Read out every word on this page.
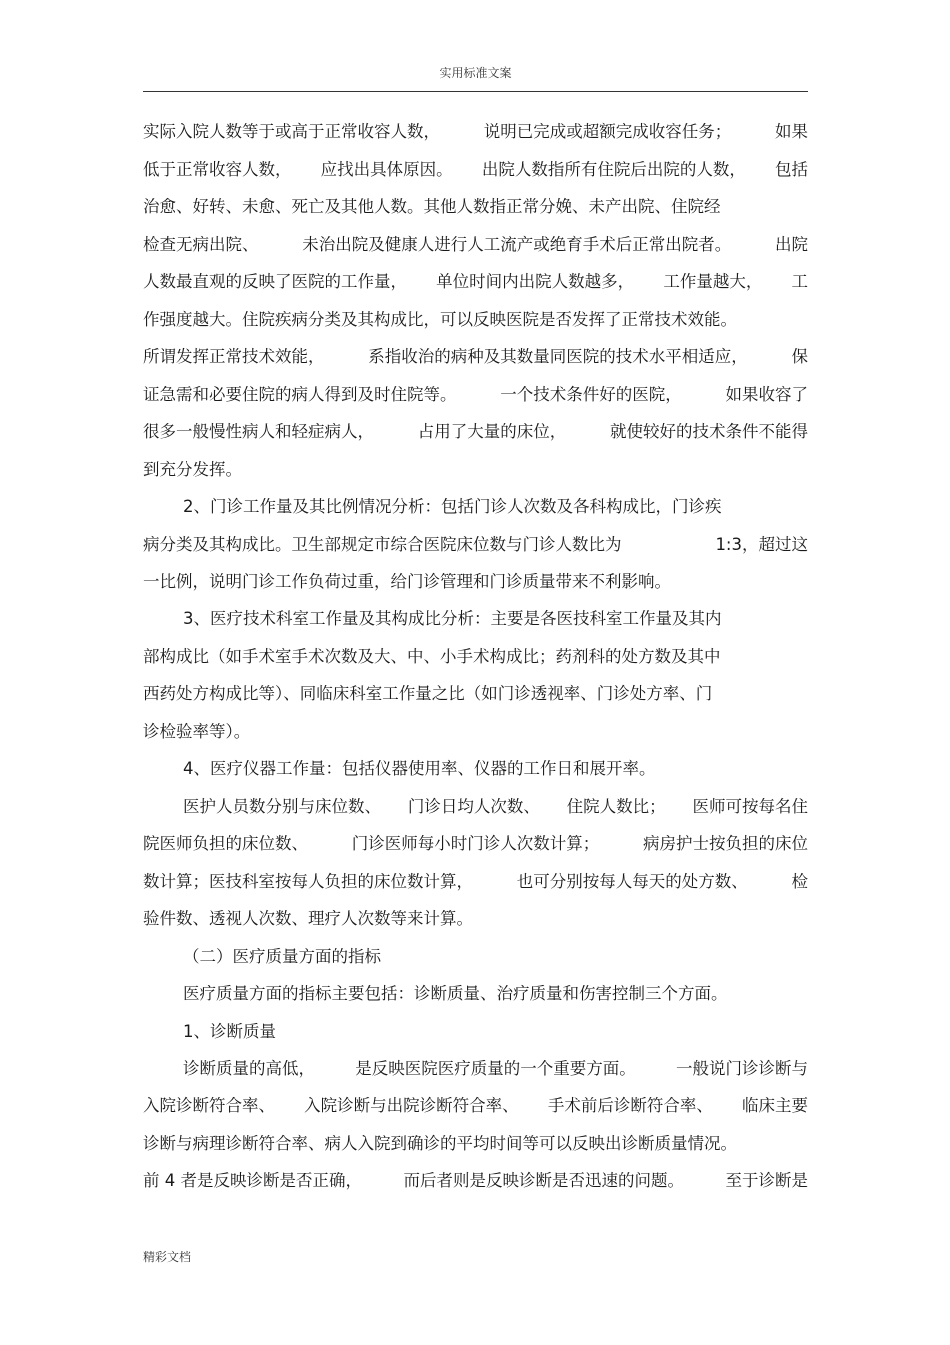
实用标准文案
实际入院人数等于或高于正常收容人数，	说明已完成或超额完成收容任务；	如果
低于正常收容人数， 应找出具体原因。 出院人数指所有住院后出院的人数， 包括
治愈、好转、未愈、死亡及其他人数。其他人数指正常分娩、未产出院、住院经
检查无病出院、	未治出院及健康人进行人工流产或绝育手术后正常出院者。	出院
人数最直观的反映了医院的工作量， 单位时间内出院人数越多， 工作量越大， 工
作强度越大。住院疾病分类及其构成比，可以反映医院是否发挥了正常技术效能。
所谓发挥正常技术效能，	系指收治的病种及其数量同医院的技术水平相适应，	保
证急需和必要住院的病人得到及时住院等。	一个技术条件好的医院，	如果收容了
很多一般慢性病人和轻症病人，	占用了大量的床位，	就使较好的技术条件不能得
到充分发挥。
2、门诊工作量及其比例情况分析：包括门诊人次数及各科构成比，门诊疾
病分类及其构成比。卫生部规定市综合医院床位数与门诊人数比为	1:3，超过这
一比例，说明门诊工作负荷过重，给门诊管理和门诊质量带来不利影响。
3、医疗技术科室工作量及其构成比分析：主要是各医技科室工作量及其内
部构成比（如手术室手术次数及大、中、小手术构成比；药剂科的处方数及其中
西药处方构成比等）、同临床科室工作量之比（如门诊透视率、门诊处方率、门
诊检验率等）。
4、医疗仪器工作量：包括仪器使用率、仪器的工作日和展开率。
医护人员数分别与床位数、 门诊日均人次数、 住院人数比； 医师可按每名住
院医师负担的床位数、	门诊医师每小时门诊人次数计算；	病房护士按负担的床位
数计算；医技科室按每人负担的床位数计算，	也可分别按每人每天的处方数、	检
验件数、透视人次数、理疗人次数等来计算。
（二）医疗质量方面的指标
医疗质量方面的指标主要包括：诊断质量、治疗质量和伤害控制三个方面。
1、诊断质量
诊断质量的高低， 是反映医院医疗质量的一个重要方面。 一般说门诊诊断与
入院诊断符合率、 入院诊断与出院诊断符合率、 手术前后诊断符合率、 临床主要
诊断与病理诊断符合率、病人入院到确诊的平均时间等可以反映出诊断质量情况。
前 4 者是反映诊断是否正确，	而后者则是反映诊断是否迅速的问题。	至于诊断是
精彩文档
